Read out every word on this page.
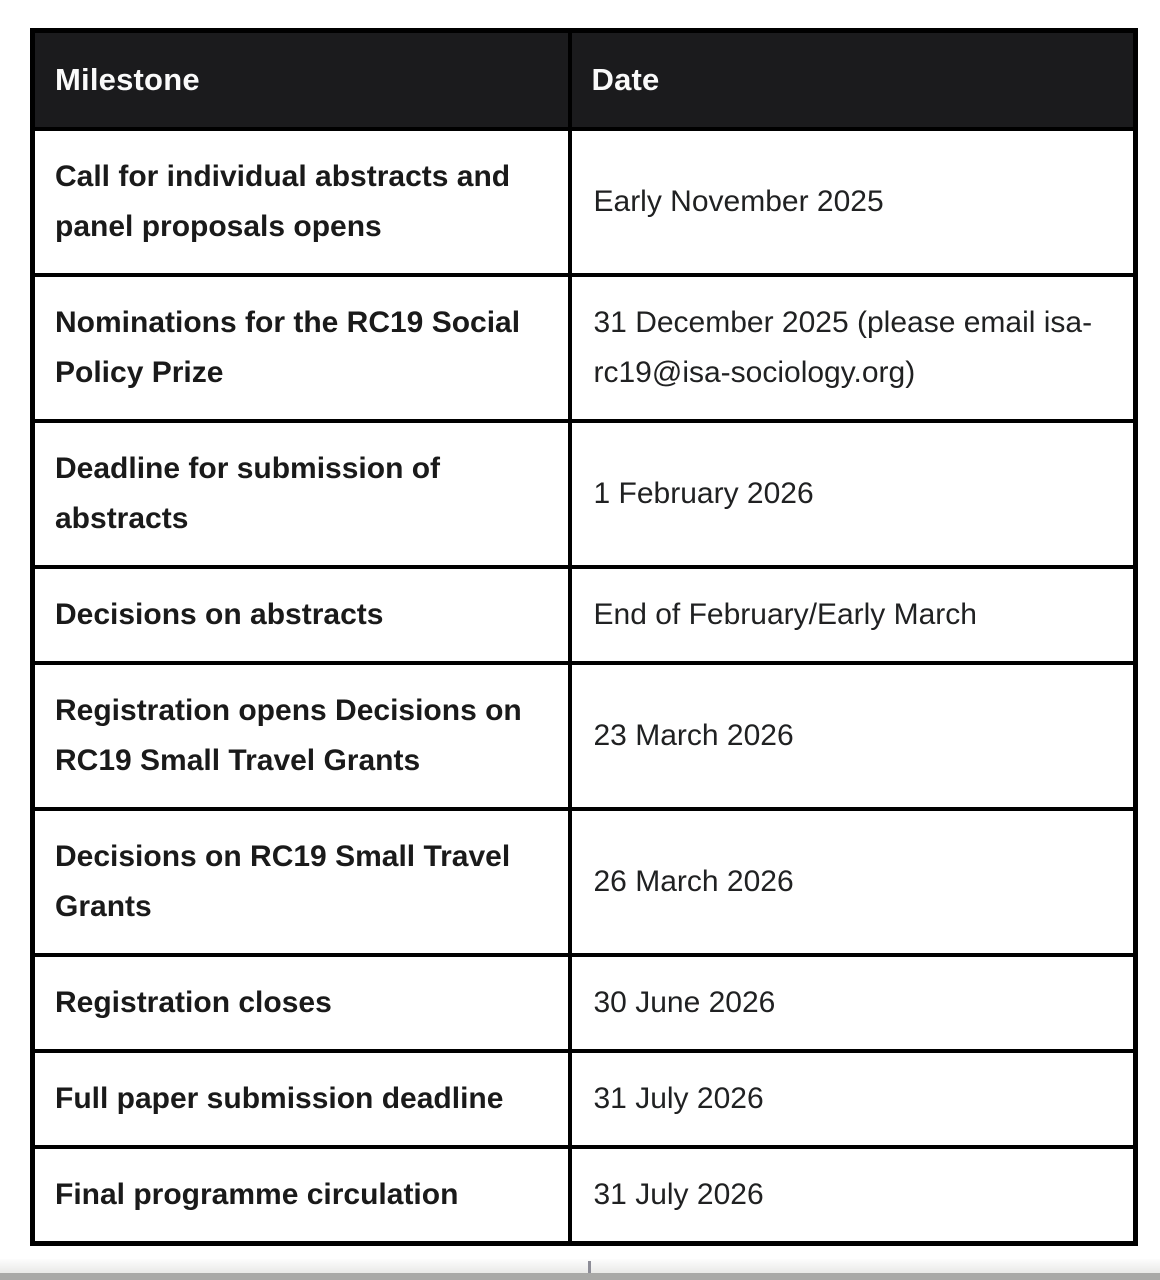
Milestone	Date
Call for individual abstracts and panel proposals opens	Early November 2025
Nominations for the RC19 Social Policy Prize	31 December 2025 (please email isa-rc19@isa-sociology.org)
Deadline for submission of abstracts	1 February 2026
Decisions on abstracts	End of February/Early March
Registration opens Decisions on RC19 Small Travel Grants	23 March 2026
Decisions on RC19 Small Travel Grants	26 March 2026
Registration closes	30 June 2026
Full paper submission deadline	31 July 2026
Final programme circulation	31 July 2026
